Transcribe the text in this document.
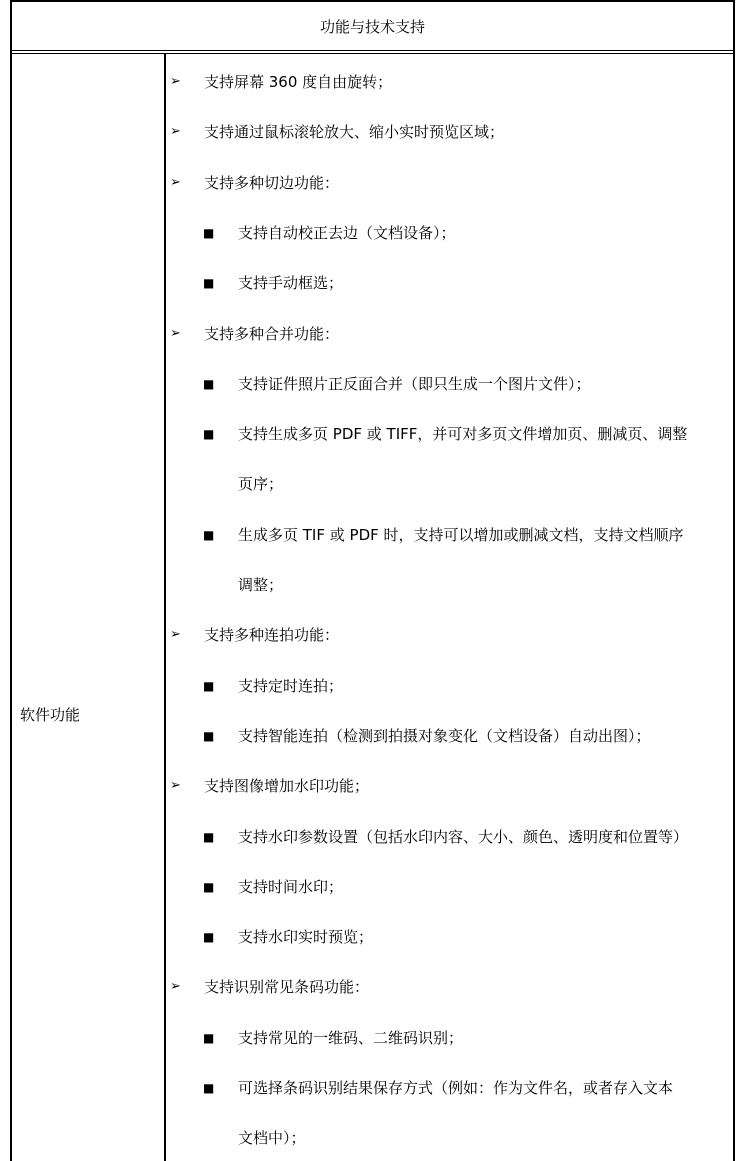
功能与技术支持
软件功能
➢ 支持屏幕 360 度自由旋转；
➢ 支持通过鼠标滚轮放大、缩小实时预览区域；
➢ 支持多种切边功能：
■ 支持自动校正去边（文档设备）；
■ 支持手动框选；
➢ 支持多种合并功能：
■ 支持证件照片正反面合并（即只生成一个图片文件）；
■ 支持生成多页 PDF 或 TIFF，并可对多页文件增加页、删减页、调整
页序；
■ 生成多页 TIF 或 PDF 时，支持可以增加或删减文档，支持文档顺序
调整；
➢ 支持多种连拍功能：
■ 支持定时连拍；
■ 支持智能连拍（检测到拍摄对象变化（文档设备）自动出图）；
➢ 支持图像增加水印功能；
■ 支持水印参数设置（包括水印内容、大小、颜色、透明度和位置等）
■ 支持时间水印；
■ 支持水印实时预览；
➢ 支持识别常见条码功能：
■ 支持常见的一维码、二维码识别；
■ 可选择条码识别结果保存方式（例如：作为文件名，或者存入文本
文档中）；
